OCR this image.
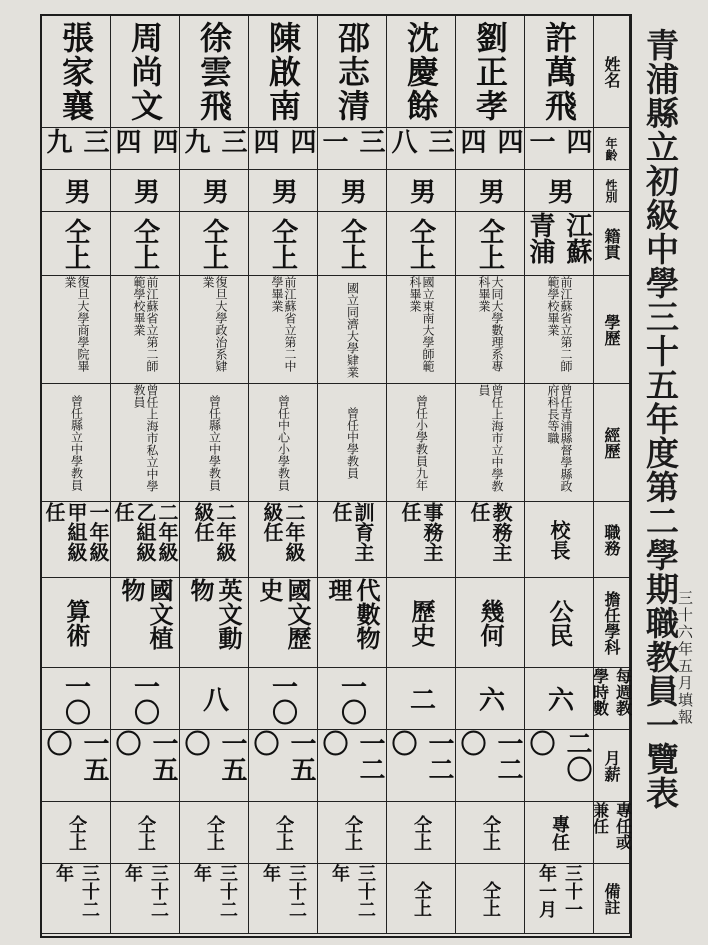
青浦縣立初級中學三十五年度第二學期職教員一覽表
三十六年五月填報
姓名
許萬飛
劉正孝
沈慶餘
邵志清
陳啟南
徐雲飛
周尚文
張家襄
年齡
四一
四四
三八
三一
四四
三九
四四
三九
性別
男
男
男
男
男
男
男
男
籍貫
江蘇青浦
仝上
仝上
仝上
仝上
仝上
仝上
仝上
學歷
前江蘇省立第二師範學校畢業
大同大學數理系專科畢業
國立東南大學師範科畢業
國立同濟大學肄業
前江蘇省立第二中學畢業
復旦大學政治系肄業
前江蘇省立第二師範學校畢業
復旦大學商學院畢業
經歷
曾任青浦縣督學縣政府科長等職
曾任上海市立中學教員
曾任小學教員九年
曾任中學教員
曾任中心小學教員
曾任縣立中學教員
曾任上海市私立中學教員
曾任縣立中學教員
職務
校長
教務主任
事務主任
訓育主任
二年級級任
二年級級任
二年級乙組級任
一年級甲組級任
擔任學科
公民
幾何
歷史
代數物理
國文歷史
英文動物
國文植物
算術
每週教學時數
六
六
二
一〇
一〇
八
一〇
一〇
月薪
二〇〇
一二〇
一二〇
一二〇
一五〇
一五〇
一五〇
一五〇
專任或兼任
專任
仝上
仝上
仝上
仝上
仝上
仝上
仝上
備註
三十一年一月
仝上
仝上
三十二年
三十二年
三十二年
三十二年
三十二年
